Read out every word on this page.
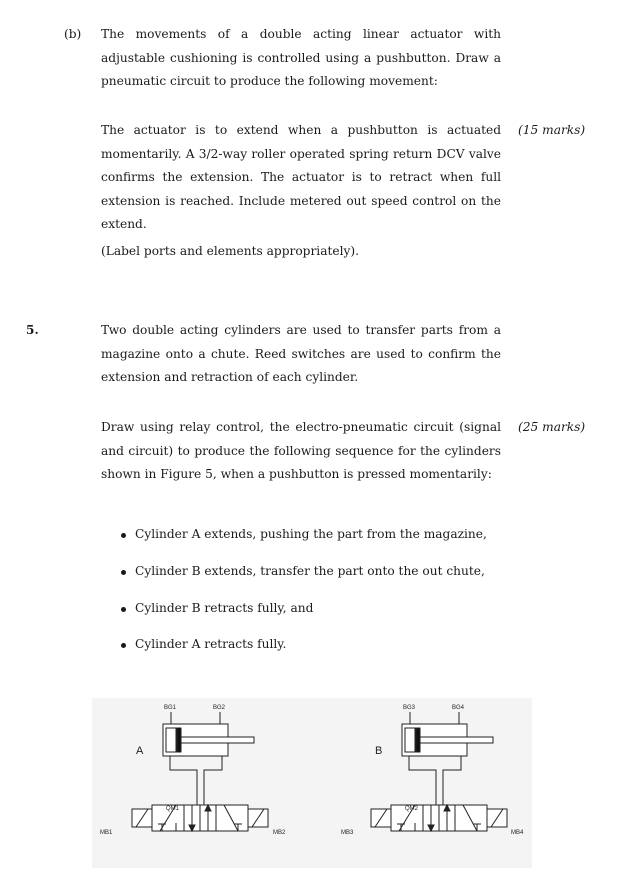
(b) The movements of a double acting linear actuator with adjustable cushioning is controlled using a pushbutton. Draw a pneumatic circuit to produce the following movement:

The actuator is to extend when a pushbutton is actuated momentarily. A 3/2-way roller operated spring return DCV valve confirms the extension. The actuator is to retract when full extension is reached. Include metered out speed control on the extend.

(15 marks)

(Label ports and elements appropriately).

5.	Two double acting cylinders are used to transfer parts from a magazine onto a chute. Reed switches are used to confirm the extension and retraction of each cylinder.

Draw using relay control, the electro-pneumatic circuit (signal and circuit) to produce the following sequence for the cylinders shown in Figure 5, when a pushbutton is pressed momentarily:

(25 marks)

Cylinder A extends, pushing the part from the magazine,
Cylinder B extends, transfer the part onto the out chute,
Cylinder B retracts fully, and
Cylinder A retracts fully.
BG1	BG2
A
QM1
MB1	MB2
BG3	BG4
B
QM2
MB3	MB4
